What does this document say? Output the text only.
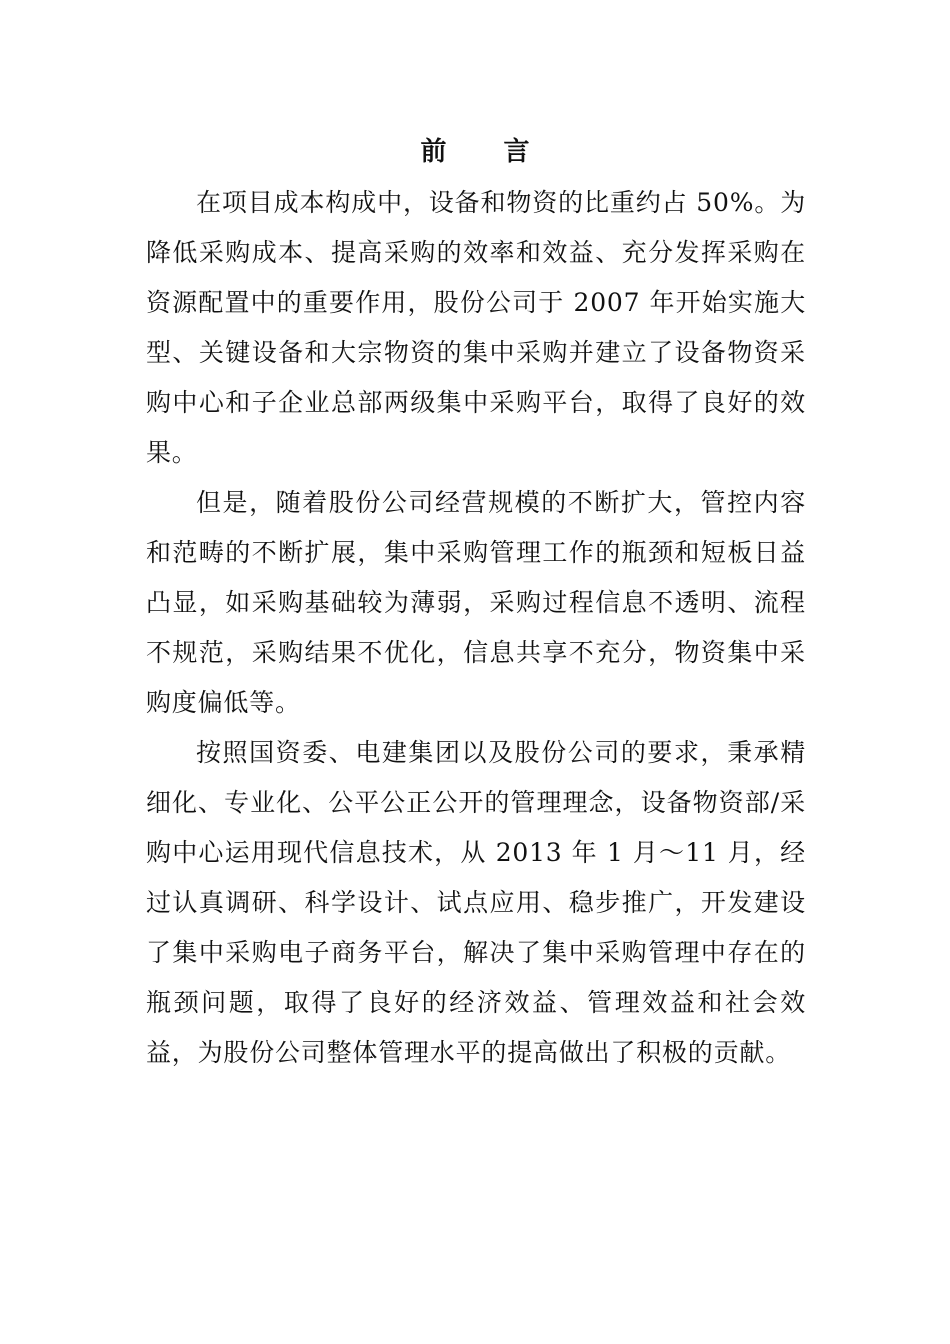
前 言

在项目成本构成中，设备和物资的比重约占 50%。为降低采购成本、提高采购的效率和效益、充分发挥采购在资源配置中的重要作用，股份公司于 2007 年开始实施大型、关键设备和大宗物资的集中采购并建立了设备物资采购中心和子企业总部两级集中采购平台，取得了良好的效果。

但是，随着股份公司经营规模的不断扩大，管控内容和范畴的不断扩展，集中采购管理工作的瓶颈和短板日益凸显，如采购基础较为薄弱，采购过程信息不透明、流程不规范，采购结果不优化，信息共享不充分，物资集中采购度偏低等。

按照国资委、电建集团以及股份公司的要求，秉承精细化、专业化、公平公正公开的管理理念，设备物资部/采购中心运用现代信息技术，从 2013 年 1 月～11 月，经过认真调研、科学设计、试点应用、稳步推广，开发建设了集中采购电子商务平台，解决了集中采购管理中存在的瓶颈问题，取得了良好的经济效益、管理效益和社会效益，为股份公司整体管理水平的提高做出了积极的贡献。
